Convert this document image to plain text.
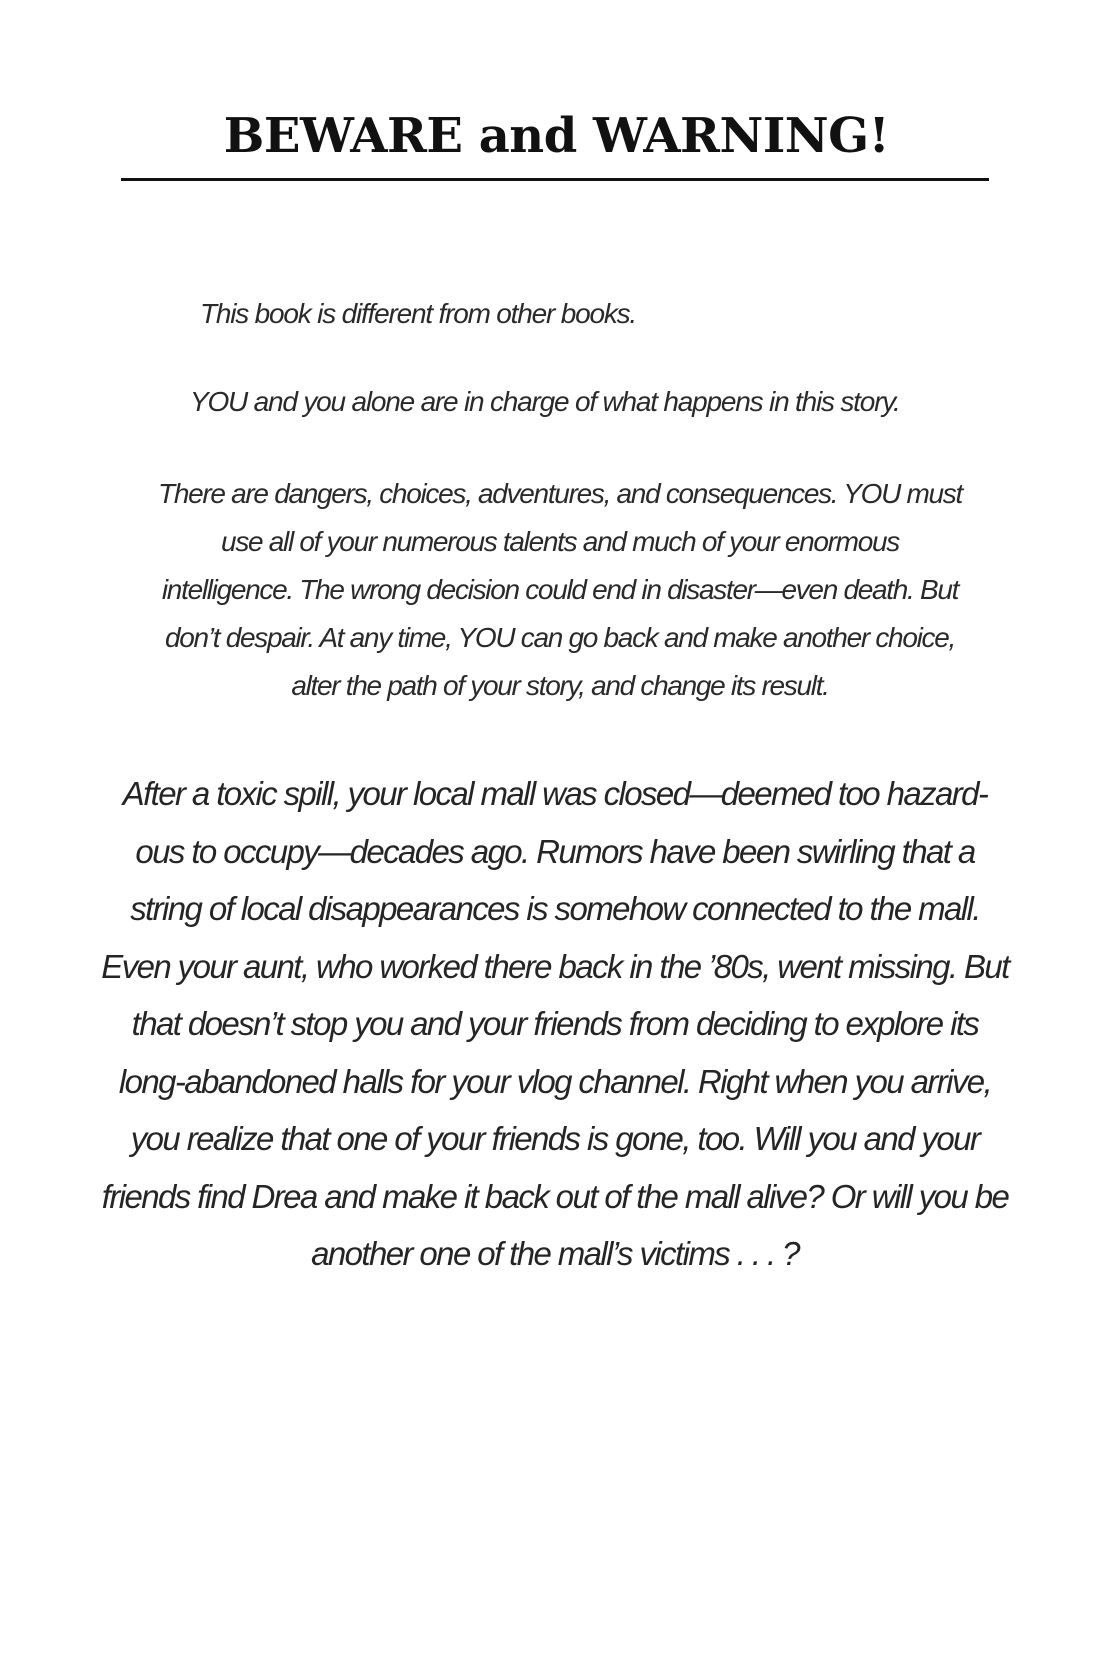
BEWARE and WARNING!

This book is different from other books.

YOU and you alone are in charge of what happens in this story.

There are dangers, choices, adventures, and consequences. YOU must use all of your numerous talents and much of your enormous intelligence. The wrong decision could end in disaster—even death. But don’t despair. At any time, YOU can go back and make another choice, alter the path of your story, and change its result.

After a toxic spill, your local mall was closed—deemed too hazard- ous to occupy—decades ago. Rumors have been swirling that a string of local disappearances is somehow connected to the mall. Even your aunt, who worked there back in the ’80s, went missing. But that doesn’t stop you and your friends from deciding to explore its long-abandoned halls for your vlog channel. Right when you arrive, you realize that one of your friends is gone, too. Will you and your friends find Drea and make it back out of the mall alive? Or will you be another one of the mall’s victims . . . ?
